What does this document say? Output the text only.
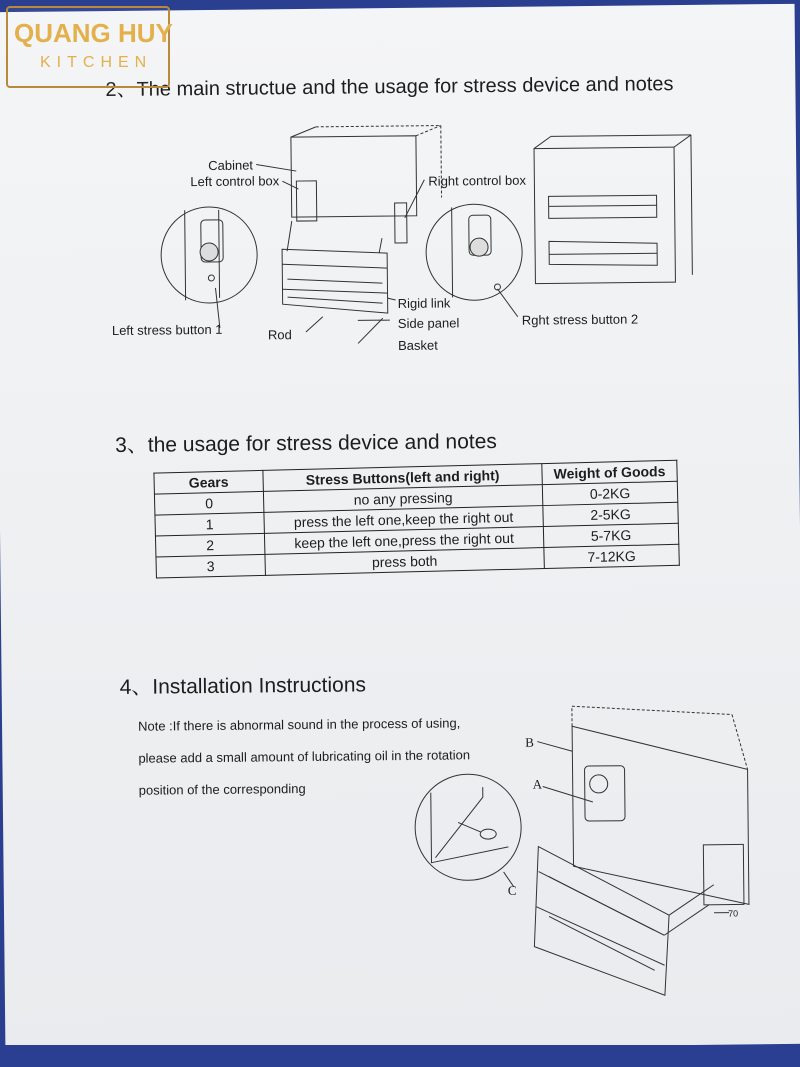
2、The main structue and the usage for stress device and notes
Cabinet
Left control box	Right control box
Rigid link
Side panel
Basket
Rod
Left stress button 1
Rght stress button 2
3、the usage for stress device and notes
Gears	Stress Buttons(left and right)	Weight of Goods
0	no any pressing	0-2KG
1	press the left one,keep the right out	2-5KG
2	keep the left one,press the right out	5-7KG
3	press both	7-12KG
4、Installation Instructions
Note :If there is abnormal sound in the process of using,
please add a small amount of lubricating oil in the rotation
position of the corresponding	A
B
C
70
QUANG HUY
KITCHEN
